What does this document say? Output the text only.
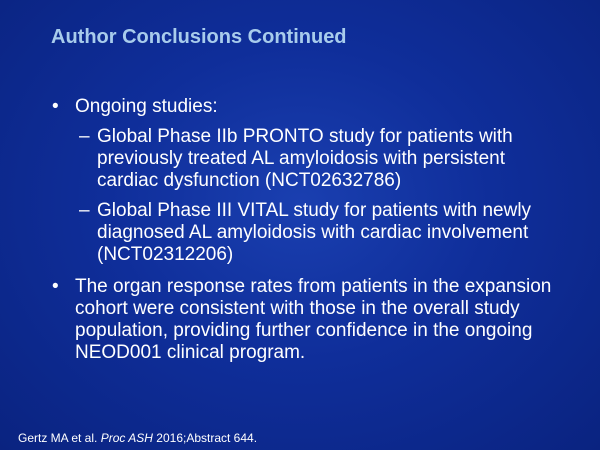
Author Conclusions Continued
• Ongoing studies:
– Global Phase IIb PRONTO study for patients with previously treated AL amyloidosis with persistent cardiac dysfunction (NCT02632786)
– Global Phase III VITAL study for patients with newly diagnosed AL amyloidosis with cardiac involvement (NCT02312206)
• The organ response rates from patients in the expansion cohort were consistent with those in the overall study population, providing further confidence in the ongoing NEOD001 clinical program.
Gertz MA et al. Proc ASH 2016;Abstract 644.
